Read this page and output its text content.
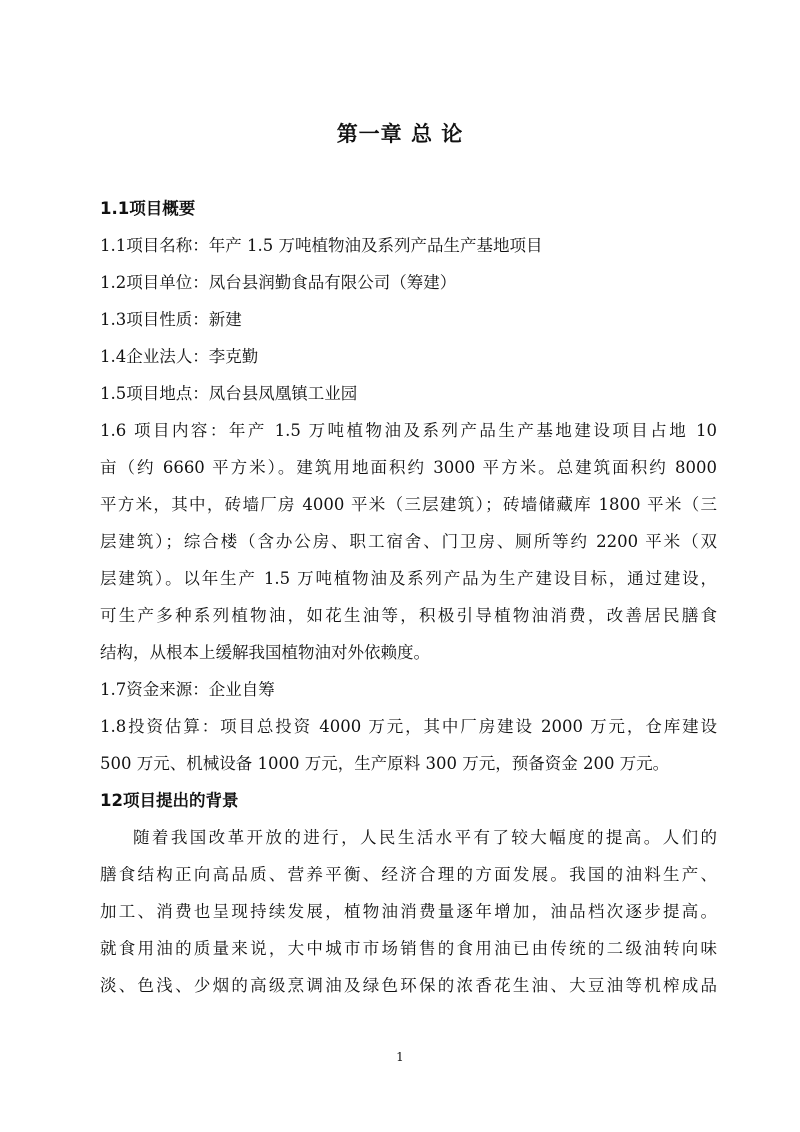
第一章 总 论
1.1项目概要
1.1项目名称：年产 1.5 万吨植物油及系列产品生产基地项目
1.2项目单位：凤台县润勤食品有限公司（筹建）
1.3项目性质：新建
1.4企业法人：李克勤
1.5项目地点：凤台县凤凰镇工业园
1.6 项目内容：年产 1.5 万吨植物油及系列产品生产基地建设项目占地 10
亩（约 6660 平方米）。建筑用地面积约 3000 平方米。总建筑面积约 8000
平方米，其中，砖墙厂房 4000 平米（三层建筑）；砖墙储藏库 1800 平米（三
层建筑）；综合楼（含办公房、职工宿舍、门卫房、厕所等约 2200 平米（双
层建筑）。以年生产 1.5 万吨植物油及系列产品为生产建设目标，通过建设，
可生产多种系列植物油，如花生油等，积极引导植物油消费，改善居民膳食
结构，从根本上缓解我国植物油对外依赖度。
1.7资金来源：企业自筹
1.8投资估算：项目总投资 4000 万元，其中厂房建设 2000 万元，仓库建设
500 万元、机械设备 1000 万元，生产原料 300 万元，预备资金 200 万元。
12项目提出的背景
随着我国改革开放的进行，人民生活水平有了较大幅度的提高。人们的
膳食结构正向高品质、营养平衡、经济合理的方面发展。我国的油料生产、
加工、消费也呈现持续发展，植物油消费量逐年增加，油品档次逐步提高。
就食用油的质量来说，大中城市市场销售的食用油已由传统的二级油转向味
淡、色浅、少烟的高级烹调油及绿色环保的浓香花生油、大豆油等机榨成品
1
